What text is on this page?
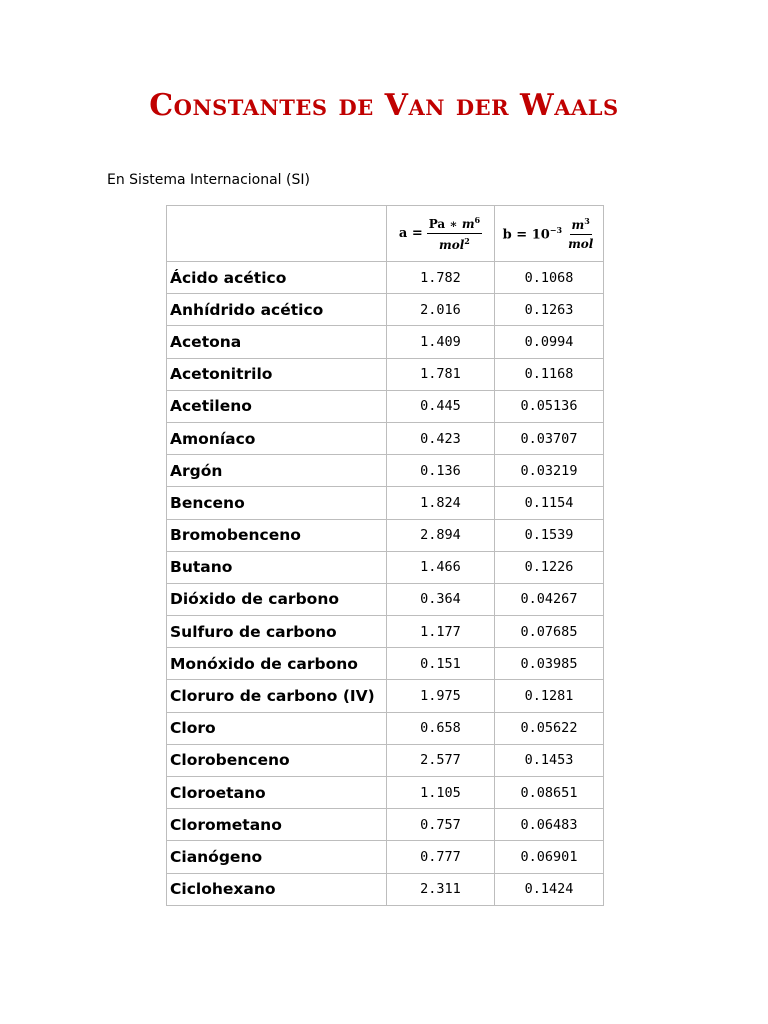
Constantes de Van der Waals

En Sistema Internacional (SI)

	$a = \frac{Pa ∗ m^6}{mol^2}$	$b = 10^{-3} \frac{m^3}{\text{mol}}$

Ácido acético	1.782	0.1068
Anhídrido acético	2.016	0.1263
Acetona	1.409	0.0994
Acetonitrilo	1.781	0.1168
Acetileno	0.445	0.05136
Amoníaco	0.423	0.03707
Argón	0.136	0.03219
Benceno	1.824	0.1154
Bromobenceno	2.894	0.1539
Butano	1.466	0.1226
Dióxido de carbono	0.364	0.04267
Sulfuro de carbono	1.177	0.07685
Monóxido de carbono	0.151	0.03985
Cloruro de carbono (IV)	1.975	0.1281
Cloro	0.658	0.05622
Clorobenceno	2.577	0.1453
Cloroetano	1.105	0.08651
Clorometano	0.757	0.06483
Cianógeno	0.777	0.06901
Ciclohexano	2.311	0.1424
